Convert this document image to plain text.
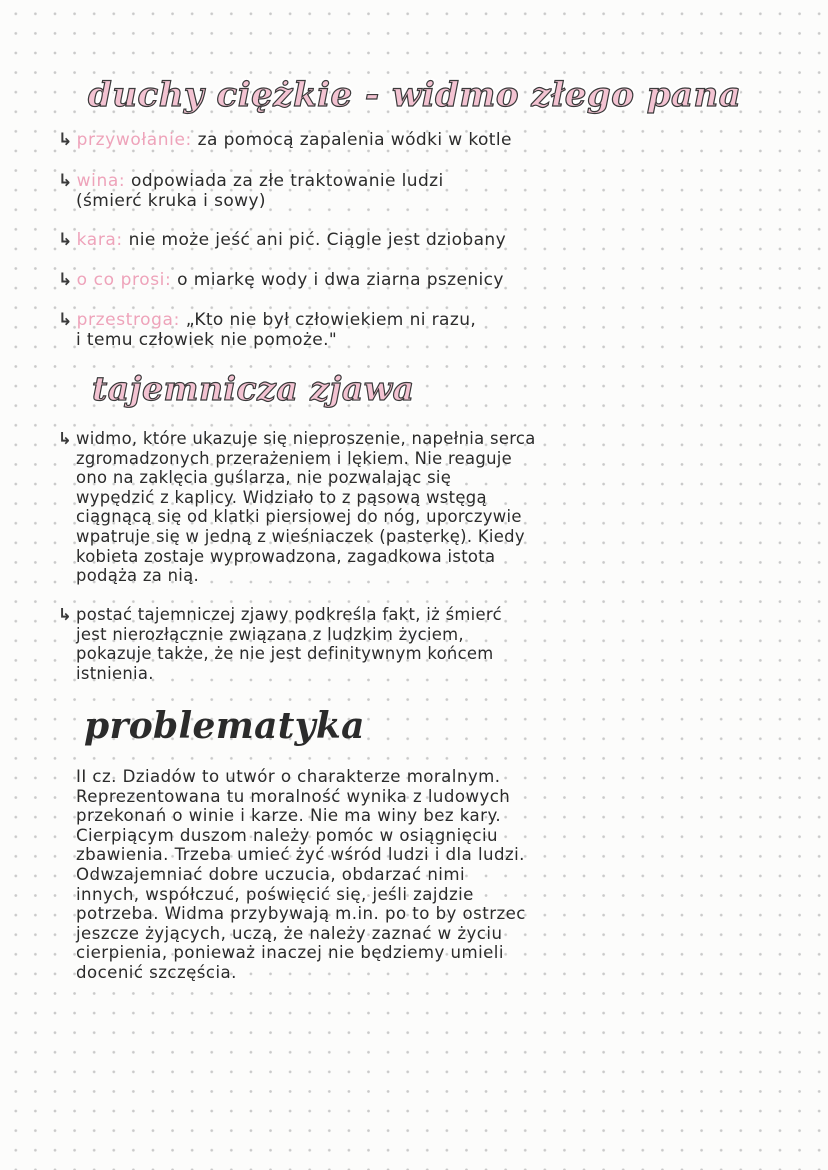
duchy ciężkie - widmo złego pana
↳ przywołanie: za pomocą zapalenia wódki w kotle
↳ wina: odpowiada za złe traktowanie ludzi
(śmierć kruka i sowy)
↳ kara: nie może jeść ani pić. Ciągle jest dziobany
↳ o co prosi: o miarkę wody i dwa ziarna pszenicy
↳ przestroga: „Kto nie był człowiekiem ni razu,
i temu człowiek nie pomoże."
tajemnicza zjawa
↳ widmo, które ukazuje się nieproszenie, napełnia serca
zgromadzonych przerażeniem i lękiem. Nie reaguje
ono na zaklęcia guślarza, nie pozwalając się
wypędzić z kaplicy. Widziało to z pąsową wstęgą
ciągnącą się od klatki piersiowej do nóg, uporczywie
wpatruje się w jedną z wieśniaczek (pasterkę). Kiedy
kobieta zostaje wyprowadzona, zagadkowa istota
podąża za nią.
↳ postać tajemniczej zjawy podkreśla fakt, iż śmierć
jest nierozłącznie związana z ludzkim życiem,
pokazuje także, że nie jest definitywnym końcem
istnienia.
problematyka
II cz. Dziadów to utwór o charakterze moralnym.
Reprezentowana tu moralność wynika z ludowych
przekonań o winie i karze. Nie ma winy bez kary.
Cierpiącym duszom należy pomóc w osiągnięciu
zbawienia. Trzeba umieć żyć wśród ludzi i dla ludzi.
Odwzajemniać dobre uczucia, obdarzać nimi
innych, współczuć, poświęcić się, jeśli zajdzie
potrzeba. Widma przybywają m.in. po to by ostrzec
jeszcze żyjących, uczą, że należy zaznać w życiu
cierpienia, ponieważ inaczej nie będziemy umieli
docenić szczęścia.
